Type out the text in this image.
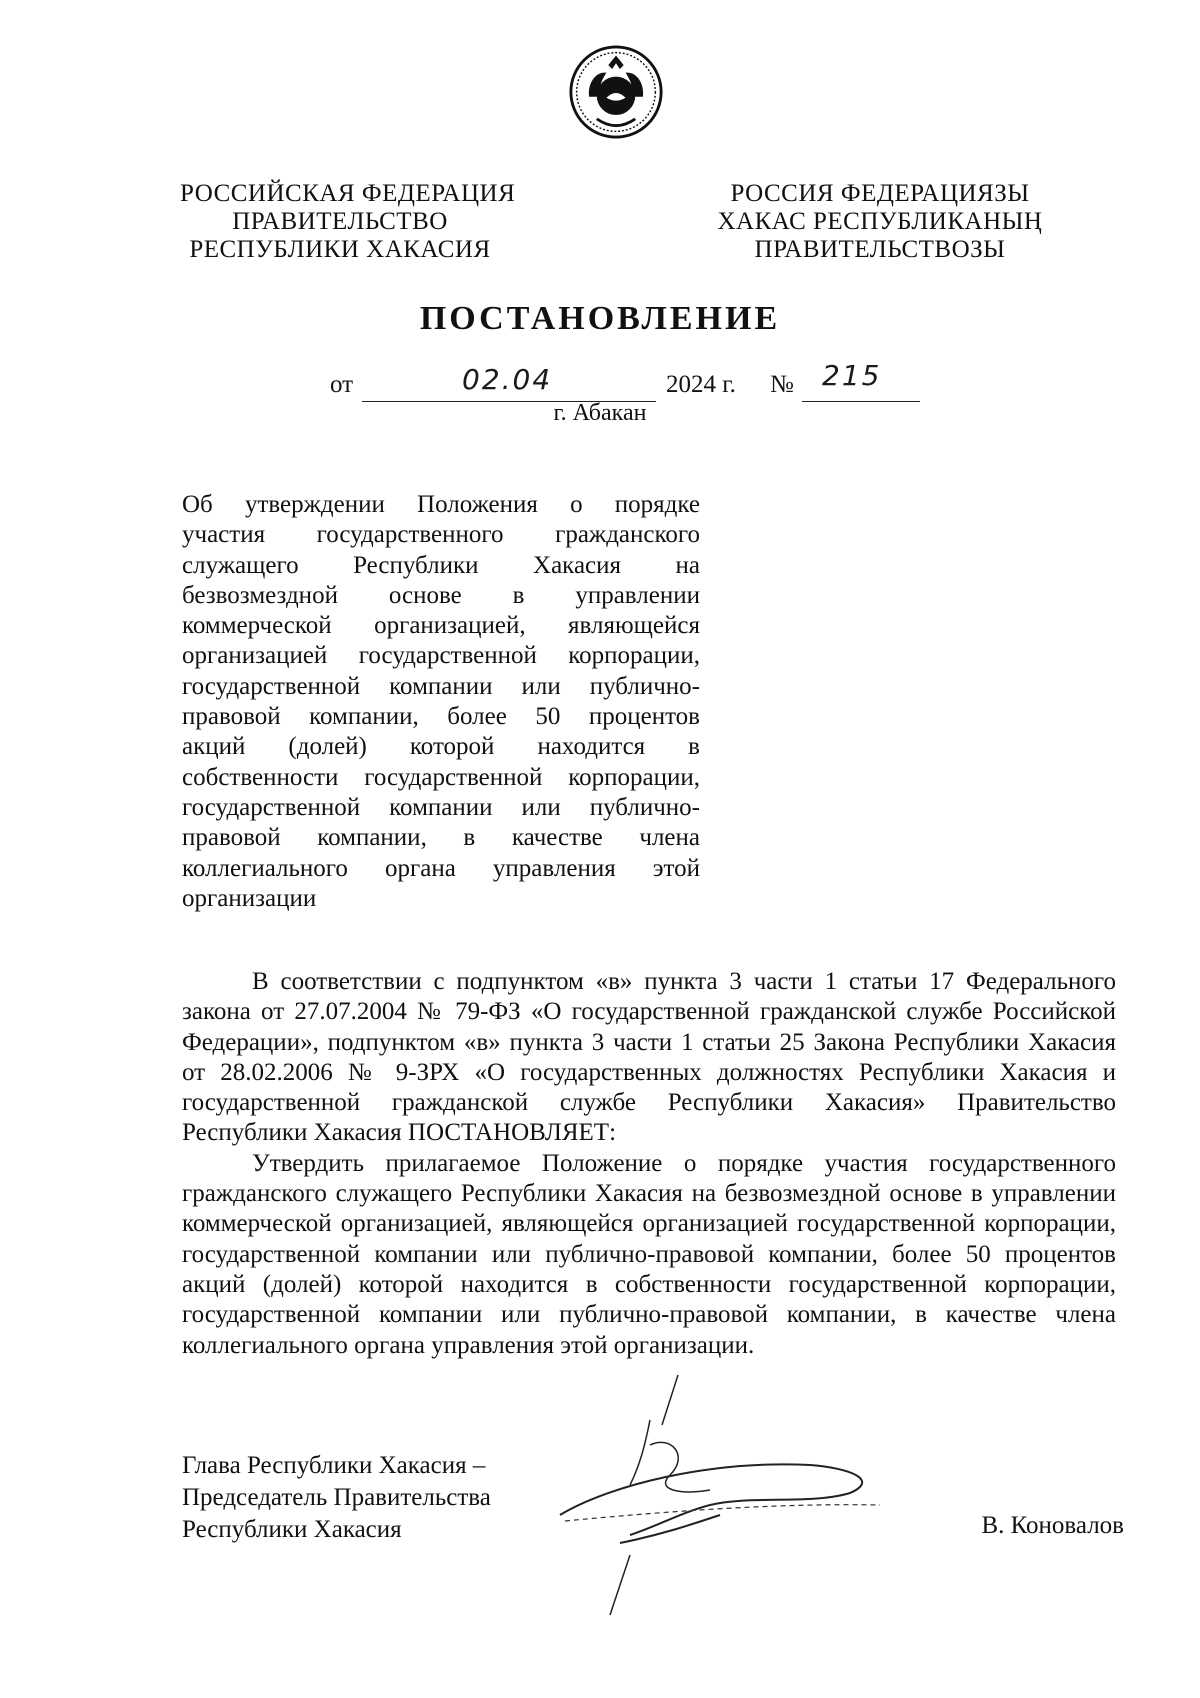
РОССИЙСКАЯ ФЕДЕРАЦИЯ
ПРАВИТЕЛЬСТВО
РЕСПУБЛИКИ ХАКАСИЯ
РОССИЯ ФЕДЕРАЦИЯЗЫ
ХАКАС РЕСПУБЛИКАНЫҢ
ПРАВИТЕЛЬСТВОЗЫ
ПОСТАНОВЛЕНИЕ
от	02.04	2024 г. № 215
г. Абакан
Об утверждении Положения о порядке
участия государственного гражданского
служащего Республики Хакасия на
безвозмездной основе в управлении
коммерческой организацией, являющейся
организацией государственной корпорации,
государственной компании или публично-
правовой компании, более 50 процентов
акций (долей) которой находится в
собственности государственной корпорации,
государственной компании или публично-
правовой компании, в качестве члена
коллегиального органа управления этой
организации

В соответствии с подпунктом «в» пункта 3 части 1 статьи 17 Федерального закона от 27.07.2004 № 79-ФЗ «О государственной гражданской службе Российской Федерации», подпунктом «в» пункта 3 части 1 статьи 25 Закона Республики Хакасия от 28.02.2006 № 9-ЗРХ «О государственных должностях Республики Хакасия и государственной гражданской службе Республики Хакасия» Правительство Республики Хакасия ПОСТАНОВЛЯЕТ:

Утвердить прилагаемое Положение о порядке участия государственного гражданского служащего Республики Хакасия на безвозмездной основе в управлении коммерческой организацией, являющейся организацией государственной корпорации, государственной компании или публично-правовой компании, более 50 процентов акций (долей) которой находится в собственности государственной корпорации, государственной компании или публично-правовой компании, в качестве члена коллегиального органа управления этой организации.

Глава Республики Хакасия –
Председатель Правительства
Республики Хакасия	В. Коновалов
